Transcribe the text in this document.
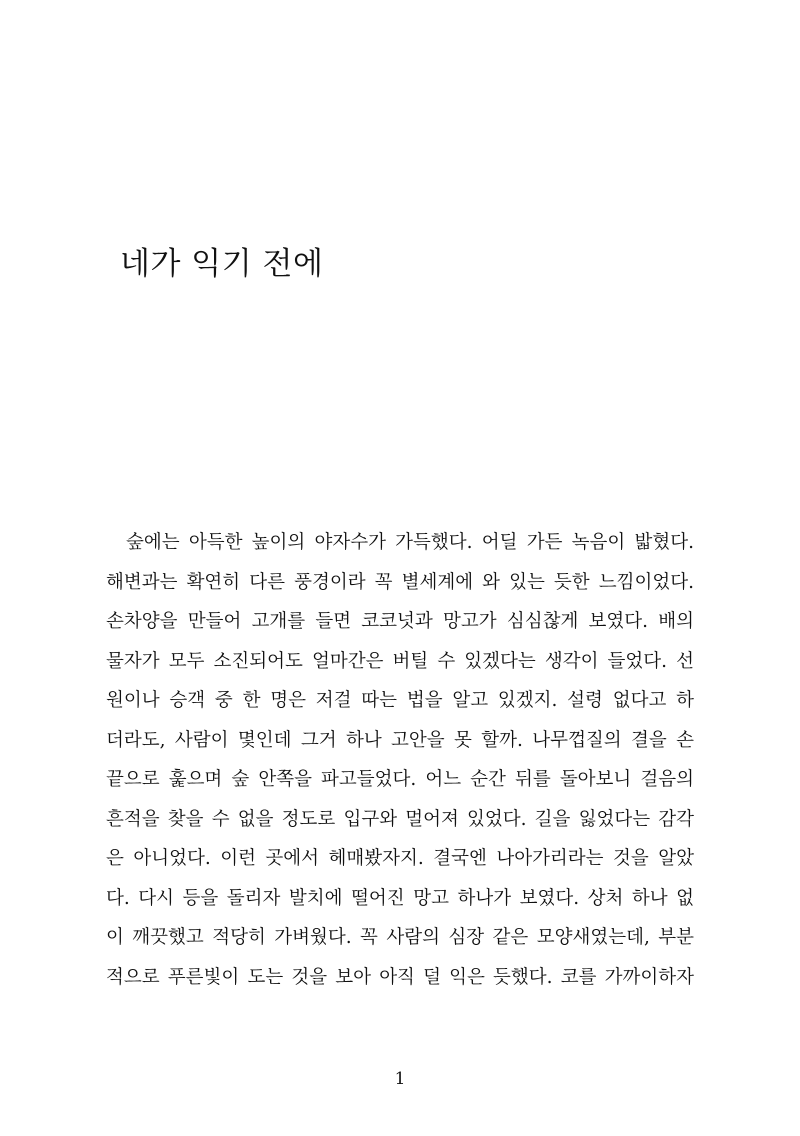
네가 익기 전에
숲에는 아득한 높이의 야자수가 가득했다. 어딜 가든 녹음이 밟혔다.
해변과는 확연히 다른 풍경이라 꼭 별세계에 와 있는 듯한 느낌이었다.
손차양을 만들어 고개를 들면 코코넛과 망고가 심심찮게 보였다. 배의
물자가 모두 소진되어도 얼마간은 버틸 수 있겠다는 생각이 들었다. 선
원이나 승객 중 한 명은 저걸 따는 법을 알고 있겠지. 설령 없다고 하
더라도, 사람이 몇인데 그거 하나 고안을 못 할까. 나무껍질의 결을 손
끝으로 훑으며 숲 안쪽을 파고들었다. 어느 순간 뒤를 돌아보니 걸음의
흔적을 찾을 수 없을 정도로 입구와 멀어져 있었다. 길을 잃었다는 감각
은 아니었다. 이런 곳에서 헤매봤자지. 결국엔 나아가리라는 것을 알았
다. 다시 등을 돌리자 발치에 떨어진 망고 하나가 보였다. 상처 하나 없
이 깨끗했고 적당히 가벼웠다. 꼭 사람의 심장 같은 모양새였는데, 부분
적으로 푸른빛이 도는 것을 보아 아직 덜 익은 듯했다. 코를 가까이하자
1
